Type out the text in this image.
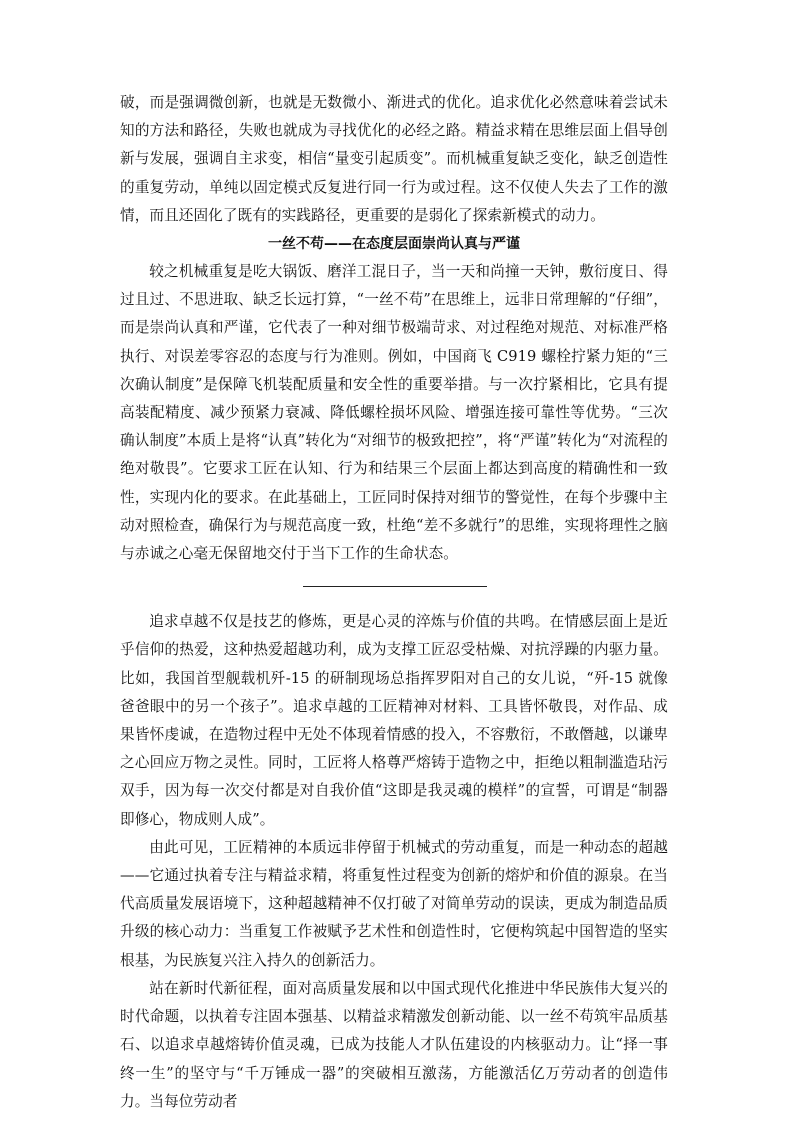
破，而是强调微创新，也就是无数微小、渐进式的优化。追求优化必然意味着尝试未知的方法和路径，失败也就成为寻找优化的必经之路。精益求精在思维层面上倡导创新与发展，强调自主求变，相信“量变引起质变”。而机械重复缺乏变化，缺乏创造性的重复劳动，单纯以固定模式反复进行同一行为或过程。这不仅使人失去了工作的激情，而且还固化了既有的实践路径，更重要的是弱化了探索新模式的动力。

一丝不苟——在态度层面崇尚认真与严谨

较之机械重复是吃大锅饭、磨洋工混日子，当一天和尚撞一天钟，敷衍度日、得过且过、不思进取、缺乏长远打算，“一丝不苟”在思维上，远非日常理解的“仔细”，而是崇尚认真和严谨，它代表了一种对细节极端苛求、对过程绝对规范、对标准严格执行、对误差零容忍的态度与行为准则。例如，中国商飞 C919 螺栓拧紧力矩的“三次确认制度”是保障飞机装配质量和安全性的重要举措。与一次拧紧相比，它具有提高装配精度、减少预紧力衰减、降低螺栓损坏风险、增强连接可靠性等优势。“三次确认制度”本质上是将“认真”转化为“对细节的极致把控”，将“严谨”转化为“对流程的绝对敬畏”。它要求工匠在认知、行为和结果三个层面上都达到高度的精确性和一致性，实现内化的要求。在此基础上，工匠同时保持对细节的警觉性，在每个步骤中主动对照检查，确保行为与规范高度一致，杜绝“差不多就行”的思维，实现将理性之脑与赤诚之心毫无保留地交付于当下工作的生命状态。

追求卓越不仅是技艺的修炼，更是心灵的淬炼与价值的共鸣。在情感层面上是近乎信仰的热爱，这种热爱超越功利，成为支撑工匠忍受枯燥、对抗浮躁的内驱力量。比如，我国首型舰载机歼-15 的研制现场总指挥罗阳对自己的女儿说，“歼-15 就像爸爸眼中的另一个孩子”。追求卓越的工匠精神对材料、工具皆怀敬畏，对作品、成果皆怀虔诚，在造物过程中无处不体现着情感的投入，不容敷衍，不敢僭越，以谦卑之心回应万物之灵性。同时，工匠将人格尊严熔铸于造物之中，拒绝以粗制滥造玷污双手，因为每一次交付都是对自我价值“这即是我灵魂的模样”的宣誓，可谓是“制器即修心，物成则人成”。

由此可见，工匠精神的本质远非停留于机械式的劳动重复，而是一种动态的超越——它通过执着专注与精益求精，将重复性过程变为创新的熔炉和价值的源泉。在当代高质量发展语境下，这种超越精神不仅打破了对简单劳动的误读，更成为制造品质升级的核心动力：当重复工作被赋予艺术性和创造性时，它便构筑起中国智造的坚实根基，为民族复兴注入持久的创新活力。

站在新时代新征程，面对高质量发展和以中国式现代化推进中华民族伟大复兴的时代命题，以执着专注固本强基、以精益求精激发创新动能、以一丝不苟筑牢品质基石、以追求卓越熔铸价值灵魂，已成为技能人才队伍建设的内核驱动力。让“择一事终一生”的坚守与“千万锤成一器”的突破相互激荡，方能激活亿万劳动者的创造伟力。当每位劳动者
